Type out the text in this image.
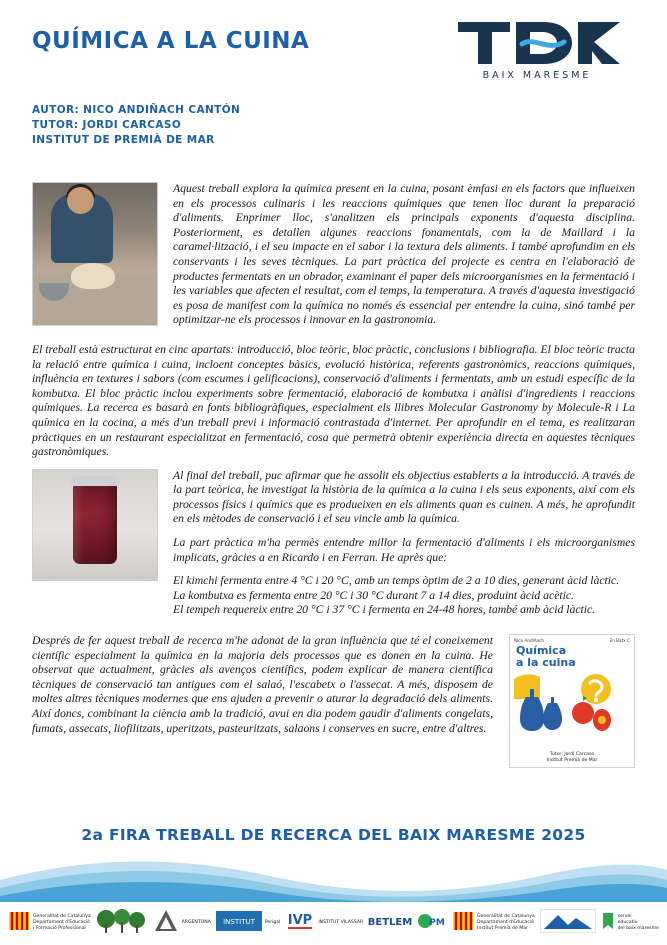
QUÍMICA A LA CUINA
BAIX MARESME
AUTOR: NICO ANDIÑACH CANTÓN
TUTOR: JORDI CARCASO
INSTITUT DE PREMIÀ DE MAR

Aquest treball explora la química present en la cuina, posant èmfasi en els factors que influeixen en els processos culinaris i les reaccions químiques que tenen lloc durant la preparació d'aliments. Enprimer lloc, s'analitzen els principals exponents d'aquesta disciplina. Posteriorment, es detallen algunes reaccions fonamentals, com la de Maillard i la caramel·lització, i el seu impacte en el sabor i la textura dels aliments. I també aprofundim en els conservants i les seves tècniques. La part pràctica del projecte es centra en l'elaboració de productes fermentats en un obrador, examinant el paper dels microorganismes en la fermentació i les variables que afecten el resultat, com el temps, la temperatura. A través d'aquesta investigació es posa de manifest com la química no només és essencial per entendre la cuina, sinó també per optimitzar-ne els processos i innovar en la gastronomia.

El treball està estructurat en cinc apartats: introducció, bloc teòric, bloc pràctic, conclusions i bibliografia. El bloc teòric tracta la relació entre química i cuina, incloent conceptes bàsics, evolució històrica, referents gastronòmics, reaccions químiques, influència en textures i sabors (com escumes i gelificacions), conservació d'aliments i fermentats, amb un estudi específic de la kombutxa. El bloc pràctic inclou experiments sobre fermentació, elaboració de kombutxa i anàlisi d'ingredients i reaccions químiques. La recerca es basarà en fonts bibliogràfiques, especialment els llibres Molecular Gastronomy by Molecule-R i La química en la cocina, a més d'un treball previ i informació contrastada d'internet. Per aprofundir en el tema, es realitzaran pràctiques en un restaurant especialitzat en fermentació, cosa que permetrà obtenir experiència directa en aquestes tècniques gastronòmiques.

Al final del treball, puc afirmar que he assolit els objectius establerts a la introducció. A través de la part teòrica, he investigat la història de la química a la cuina i els seus exponents, així com els processos físics i químics que es produeixen en els aliments quan es cuinen. A més, he aprofundit en els mètodes de conservació i el seu vincle amb la química.

La part pràctica m'ha permès entendre millor la fermentació d'aliments i els microorganismes implicats, gràcies a en Ricardo i en Ferran. He après que:

El kimchi fermenta entre 4 °C i 20 °C, amb un temps òptim de 2 a 10 dies, generant àcid làctic.

La kombutxa es fermenta entre 20 °C i 30 °C durant 7 a 14 dies, produint àcid acètic.

El tempeh requereix entre 20 °C i 37 °C i fermenta en 24-48 hores, també amb àcid làctic.

Després de fer aquest treball de recerca m'he adonat de la gran influència que té el coneixement científic especialment la química en la majoria dels processos que es donen en la cuina. He observat que actualment, gràcies als avenços científics, podem explicar de manera científica tècniques de conservació tan antigues com el salaó, l'escabetx o l'assecat. A més, disposem de moltes altres tècniques modernes que ens ajuden a prevenir o aturar la degradació dels aliments. Així doncs, combinant la ciència amb la tradició, avui en dia podem gaudir d'aliments congelats, fumats, assecats, liofilitzats, uperitzats, pasteuritzats, salaons i conserves en sucre, entre d'altres.

Nico Andiñach	2n Batx C
Química
a la cuina
Tutor: Jordi Carcaso
Institut Premià de Mar
2a FIRA TREBALL DE RECERCA DEL BAIX MARESME 2025
Generalitat de Catalunya
Departament d'Educació
i Formació Professional
ARGENTONA INSTITUT Perigal IVP INSTITUT VILASSAR BETLEM PM
Generalitat de Catalunya
Departament d'Educació
Institut Premià de Mar
servei
educatiu
del baix maresme
